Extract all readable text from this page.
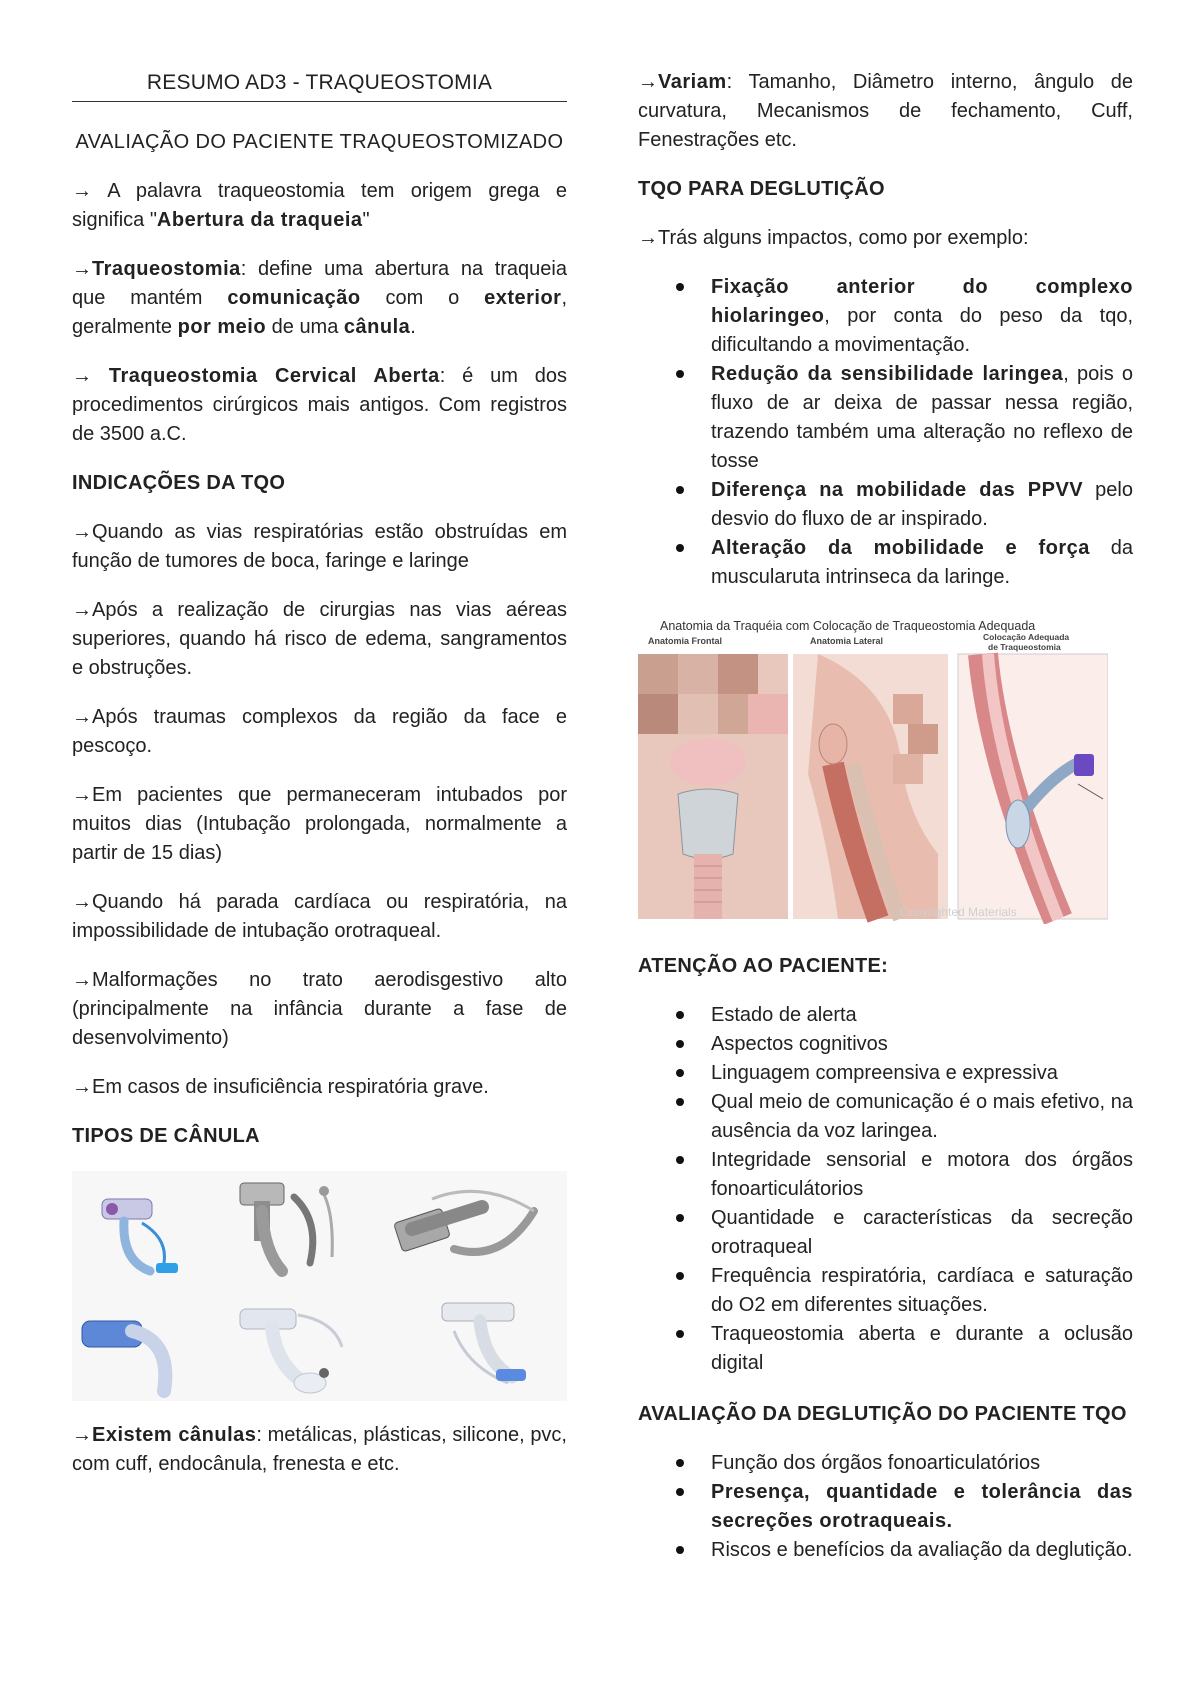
RESUMO AD3 - TRAQUEOSTOMIA
AVALIAÇÃO DO PACIENTE TRAQUEOSTOMIZADO

→ A palavra traqueostomia tem origem grega e significa "Abertura da traqueia"

→Traqueostomia: define uma abertura na traqueia que mantém comunicação com o exterior, geralmente por meio de uma cânula.

→ Traqueostomia Cervical Aberta: é um dos procedimentos cirúrgicos mais antigos. Com registros de 3500 a.C.

INDICAÇÕES DA TQO

→Quando as vias respiratórias estão obstruídas em função de tumores de boca, faringe e laringe

→Após a realização de cirurgias nas vias aéreas superiores, quando há risco de edema, sangramentos e obstruções.

→Após traumas complexos da região da face e pescoço.

→Em pacientes que permaneceram intubados por muitos dias (Intubação prolongada, normalmente a partir de 15 dias)

→Quando há parada cardíaca ou respiratória, na impossibilidade de intubação orotraqueal.

→Malformações no trato aerodisgestivo alto (principalmente na infância durante a fase de desenvolvimento)

→Em casos de insuficiência respiratória grave.

TIPOS DE CÂNULA

→Existem cânulas: metálicas, plásticas, silicone, pvc, com cuff, endocânula, frenesta e etc.

→Variam: Tamanho, Diâmetro interno, ângulo de curvatura, Mecanismos de fechamento, Cuff, Fenestrações etc.

TQO PARA DEGLUTIÇÃO

→Trás alguns impactos, como por exemplo:

Fixação anterior do complexo hiolaringeo, por conta do peso da tqo, dificultando a movimentação.
Redução da sensibilidade laringea, pois o fluxo de ar deixa de passar nessa região, trazendo também uma alteração no reflexo de tosse
Diferença na mobilidade das PPVV pelo desvio do fluxo de ar inspirado.
Alteração da mobilidade e força da muscularuta intrinseca da laringe.
Anatomia da Traquéia com Colocação de Traqueostomia Adequada
Anatomia Frontal	Anatomia Lateral	Colocação Adequada
de Traqueostomia
Copyrighted Materials
ATENÇÃO AO PACIENTE:
Estado de alerta
Aspectos cognitivos
Linguagem compreensiva e expressiva
Qual meio de comunicação é o mais efetivo, na ausência da voz laringea.
Integridade sensorial e motora dos órgãos fonoarticulátorios
Quantidade e características da secreção orotraqueal
Frequência respiratória, cardíaca e saturação do O2 em diferentes situações.
Traqueostomia aberta e durante a oclusão digital
AVALIAÇÃO DA DEGLUTIÇÃO DO PACIENTE TQO
Função dos órgãos fonoarticulatórios
Presença, quantidade e tolerância das secreções orotraqueais.
Riscos e benefícios da avaliação da deglutição.
